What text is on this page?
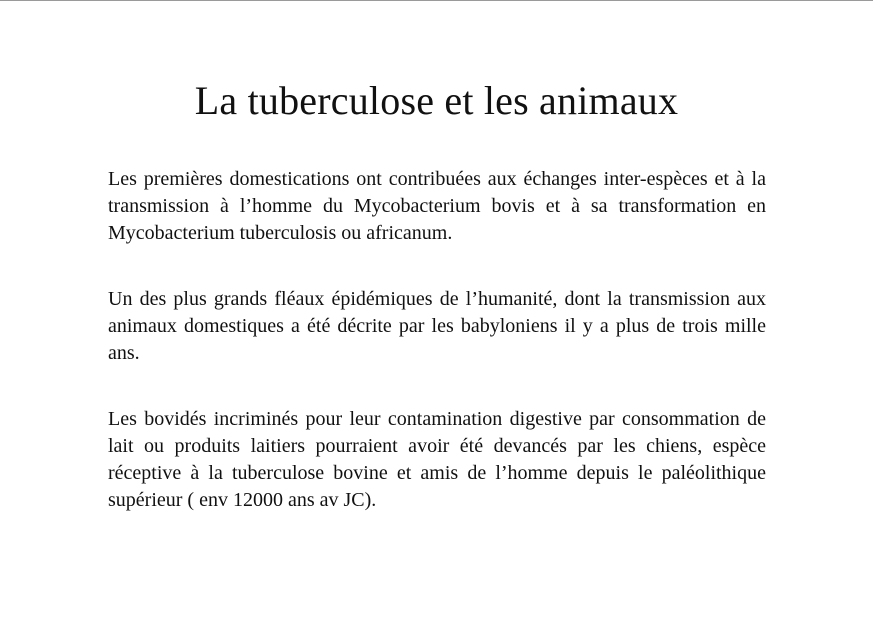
La tuberculose et les animaux

Les premières domestications ont contribuées aux échanges inter-espèces et à la transmission à l’homme du Mycobacterium bovis et à sa transformation en Mycobacterium tuberculosis ou africanum.

Un des plus grands fléaux épidémiques de l’humanité, dont la transmission aux animaux domestiques a été décrite par les babyloniens il y a plus de trois mille ans.

Les bovidés incriminés pour leur contamination digestive par consommation de lait ou produits laitiers pourraient avoir été devancés par les chiens, espèce réceptive à la tuberculose bovine et amis de l’homme depuis le paléolithique supérieur ( env 12000 ans av JC).
